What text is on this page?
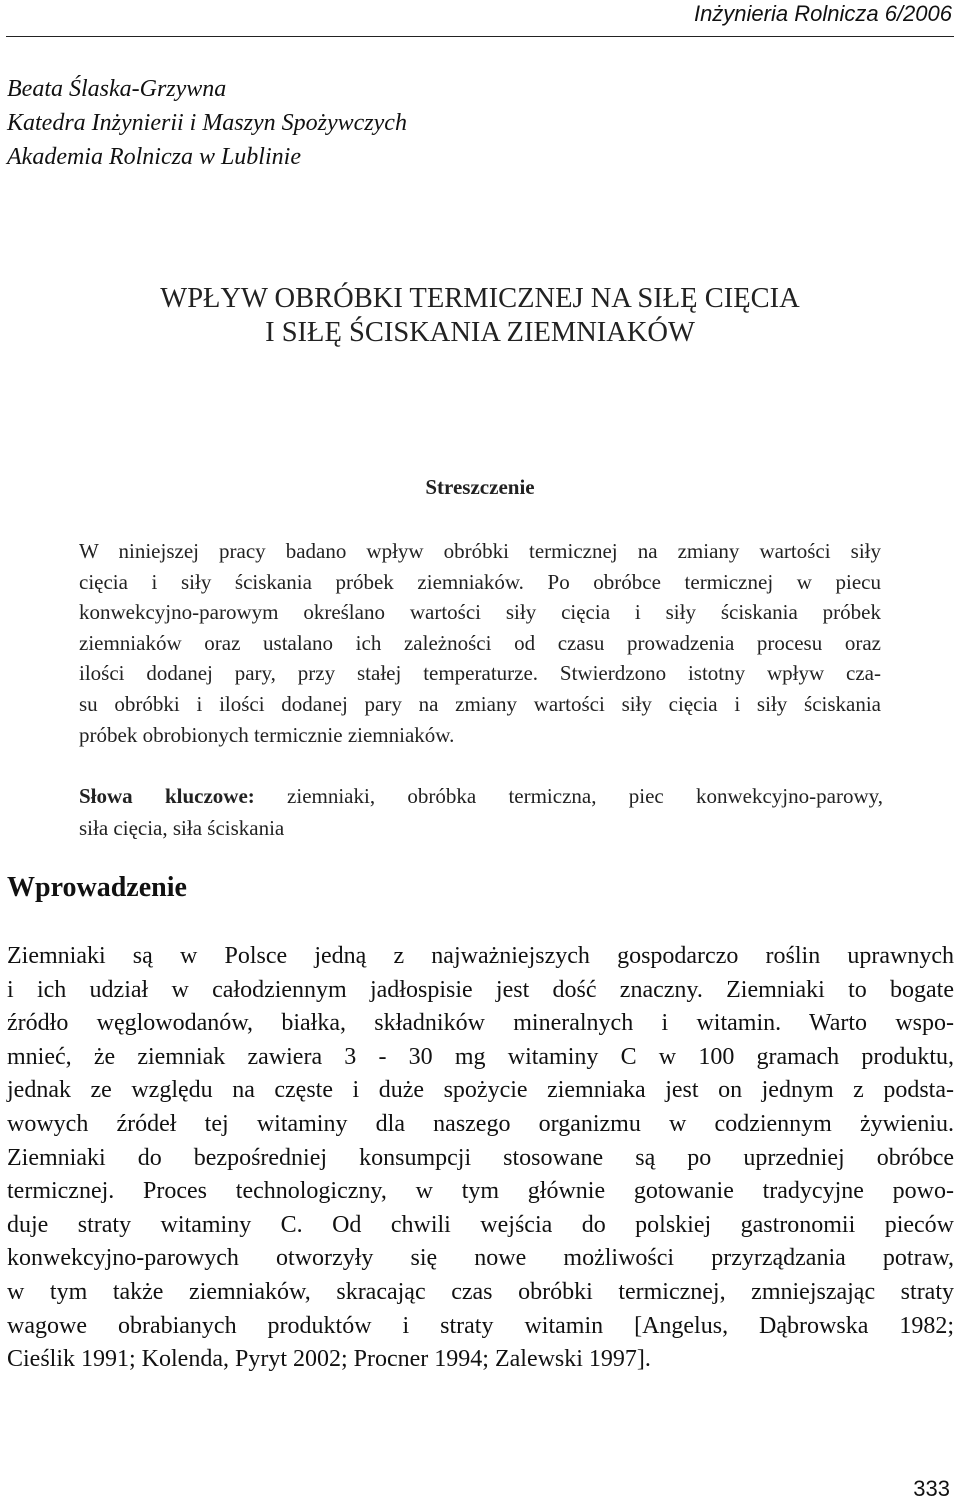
Inżynieria Rolnicza 6/2006
Beata Ślaska-Grzywna
Katedra Inżynierii i Maszyn Spożywczych
Akademia Rolnicza w Lublinie
WPŁYW OBRÓBKI TERMICZNEJ NA SIŁĘ CIĘCIA
I SIŁĘ ŚCISKANIA ZIEMNIAKÓW
Streszczenie
W niniejszej pracy badano wpływ obróbki termicznej na zmiany wartości siły
cięcia i siły ściskania próbek ziemniaków. Po obróbce termicznej w piecu
konwekcyjno-parowym określano wartości siły cięcia i siły ściskania próbek
ziemniaków oraz ustalano ich zależności od czasu prowadzenia procesu oraz
ilości dodanej pary, przy stałej temperaturze. Stwierdzono istotny wpływ cza-
su obróbki i ilości dodanej pary na zmiany wartości siły cięcia i siły ściskania
próbek obrobionych termicznie ziemniaków.
Słowa kluczowe: ziemniaki, obróbka termiczna, piec konwekcyjno-parowy,
siła cięcia, siła ściskania
Wprowadzenie
Ziemniaki są w Polsce jedną z najważniejszych gospodarczo roślin uprawnych
i ich udział w całodziennym jadłospisie jest dość znaczny. Ziemniaki to bogate
źródło węglowodanów, białka, składników mineralnych i witamin. Warto wspo-
mnieć, że ziemniak zawiera 3 - 30 mg witaminy C w 100 gramach produktu,
jednak ze względu na częste i duże spożycie ziemniaka jest on jednym z podsta-
wowych źródeł tej witaminy dla naszego organizmu w codziennym żywieniu.
Ziemniaki do bezpośredniej konsumpcji stosowane są po uprzedniej obróbce
termicznej. Proces technologiczny, w tym głównie gotowanie tradycyjne powo-
duje straty witaminy C. Od chwili wejścia do polskiej gastronomii pieców
konwekcyjno-parowych otworzyły się nowe możliwości przyrządzania potraw,
w tym także ziemniaków, skracając czas obróbki termicznej, zmniejszając straty
wagowe obrabianych produktów i straty witamin [Angelus, Dąbrowska 1982;
Cieślik 1991; Kolenda, Pyryt 2002; Procner 1994; Zalewski 1997].
333
